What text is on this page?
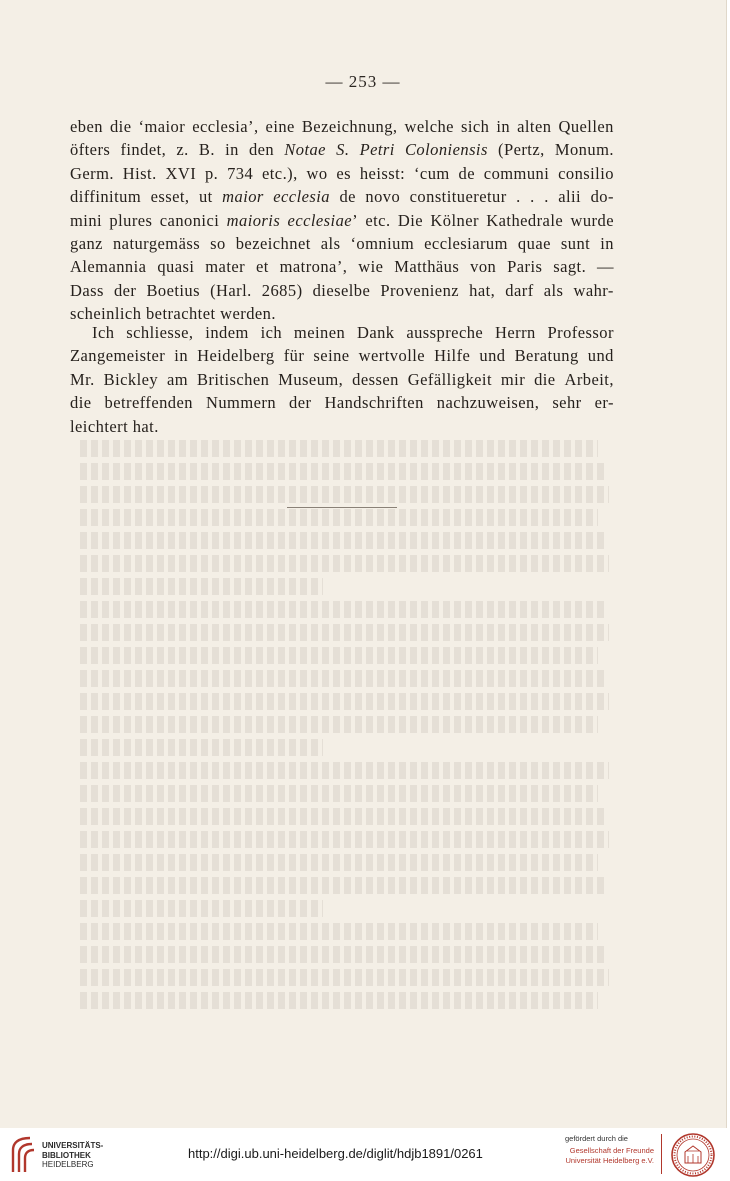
— 253 —
eben die ‘maior ecclesia’, eine Bezeichnung, welche sich in alten Quellen
öfters findet, z. B. in den Notae S. Petri Coloniensis (Pertz, Monum.
Germ. Hist. XVI p. 734 etc.), wo es heisst: ‘cum de communi consilio
diffinitum esset, ut maior ecclesia de novo constitueretur . . . alii do-
mini plures canonici maioris ecclesiae’ etc. Die Kölner Kathedrale wurde
ganz naturgemäss so bezeichnet als ‘omnium ecclesiarum quae sunt in
Alemannia quasi mater et matrona’, wie Matthäus von Paris sagt. —
Dass der Boetius (Harl. 2685) dieselbe Provenienz hat, darf als wahr-
scheinlich
betrachtet
werden.

Ich schliesse, indem ich meinen Dank ausspreche Herrn Professor
Zangemeister in Heidelberg für seine wertvolle Hilfe und Beratung und
Mr. Bickley am Britischen Museum, dessen Gefälligkeit mir die Arbeit,
die betreffenden Nummern der Handschriften nachzuweisen, sehr er-
leichtert
hat.

UNIVERSITÄTS-
BIBLIOTHEK
HEIDELBERG
http://digi.ub.uni-heidelberg.de/diglit/hdjb1891/0261
gefördert durch die
Gesellschaft der Freunde
Universität Heidelberg e.V.
